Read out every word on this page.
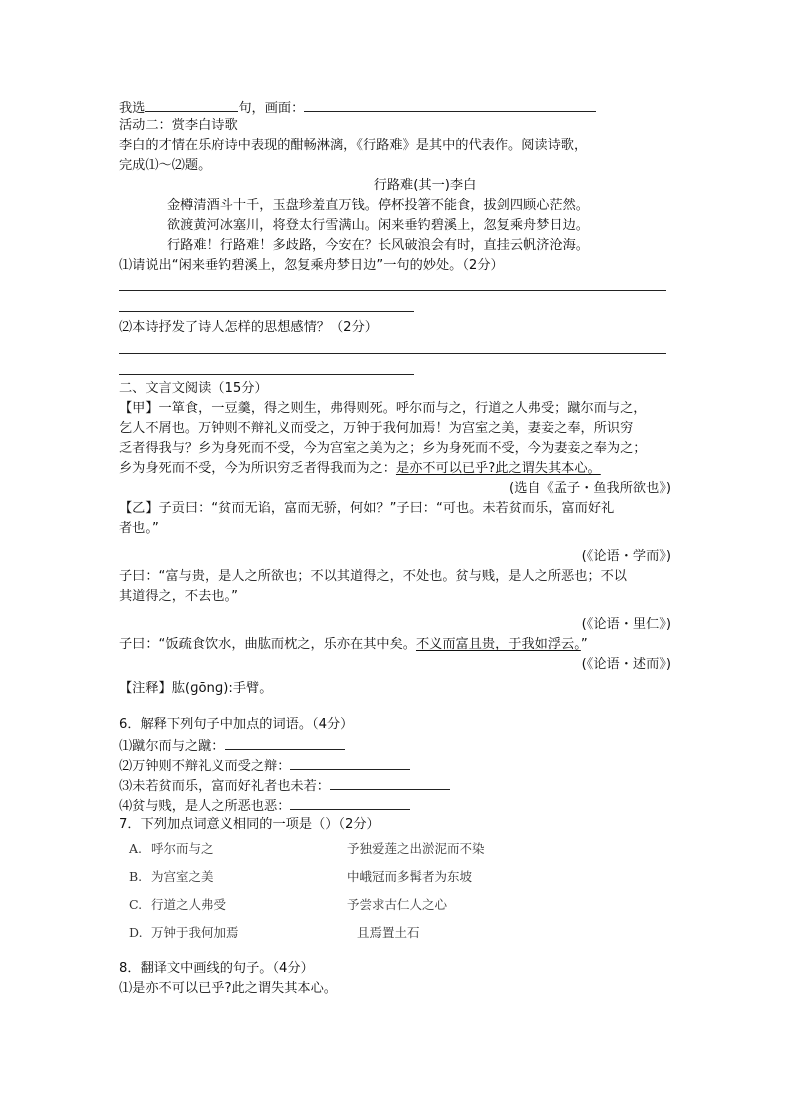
我选	句，画面：
活动二：赏李白诗歌
李白的才情在乐府诗中表现的酣畅淋漓，《行路难》是其中的代表作。阅读诗歌，
完成⑴～⑵题。
行路难(其一)李白
金樽清酒斗十千，玉盘珍羞直万钱。停杯投箸不能食，拔剑四顾心茫然。
欲渡黄河冰塞川，将登太行雪满山。闲来垂钓碧溪上，忽复乘舟梦日边。
行路难！行路难！多歧路，今安在？长风破浪会有时，直挂云帆济沧海。
⑴请说出“闲来垂钓碧溪上，忽复乘舟梦日边”一句的妙处。（2分）
⑵本诗抒发了诗人怎样的思想感情？（2分）
二、文言文阅读（15分）
【甲】一箪食，一豆羹，得之则生，弗得则死。呼尔而与之，行道之人弗受；蹴尔而与之，
乞人不屑也。万钟则不辩礼义而受之，万钟于我何加焉！为宫室之美，妻妾之奉，所识穷
乏者得我与？乡为身死而不受，今为宫室之美为之；乡为身死而不受，今为妻妾之奉为之；
乡为身死而不受，今为所识穷乏者得我而为之：是亦不可以已乎?此之谓失其本心。
(选自《孟子・鱼我所欲也》)
【乙】子贡曰：“贫而无谄，富而无骄，何如？”子曰：“可也。未若贫而乐，富而好礼
者也。”
(《论语・学而》)
子曰：“富与贵，是人之所欲也；不以其道得之，不处也。贫与贱，是人之所恶也；不以
其道得之，不去也。”
(《论语・里仁》)
子曰：“饭疏食饮水，曲肱而枕之，乐亦在其中矣。不义而富且贵，于我如浮云。”
(《论语・述而》)
【注释】肱(ɡōnɡ):手臂。
6．解释下列句子中加点的词语。（4分）
⑴蹴尔而与之蹴：
⑵万钟则不辩礼义而受之辩：
⑶未若贫而乐，富而好礼者也未若：
⑷贫与贱，是人之所恶也恶：
7．下列加点词意义相同的一项是（）（2分）
A. 呼尔而与之	予独爱莲之出淤泥而不染
B. 为宫室之美	中峨冠而多髯者为东坡
C. 行道之人弗受	予尝求古仁人之心
D. 万钟于我何加焉	且焉置土石
8．翻译文中画线的句子。（4分）
⑴是亦不可以已乎?此之谓失其本心。
